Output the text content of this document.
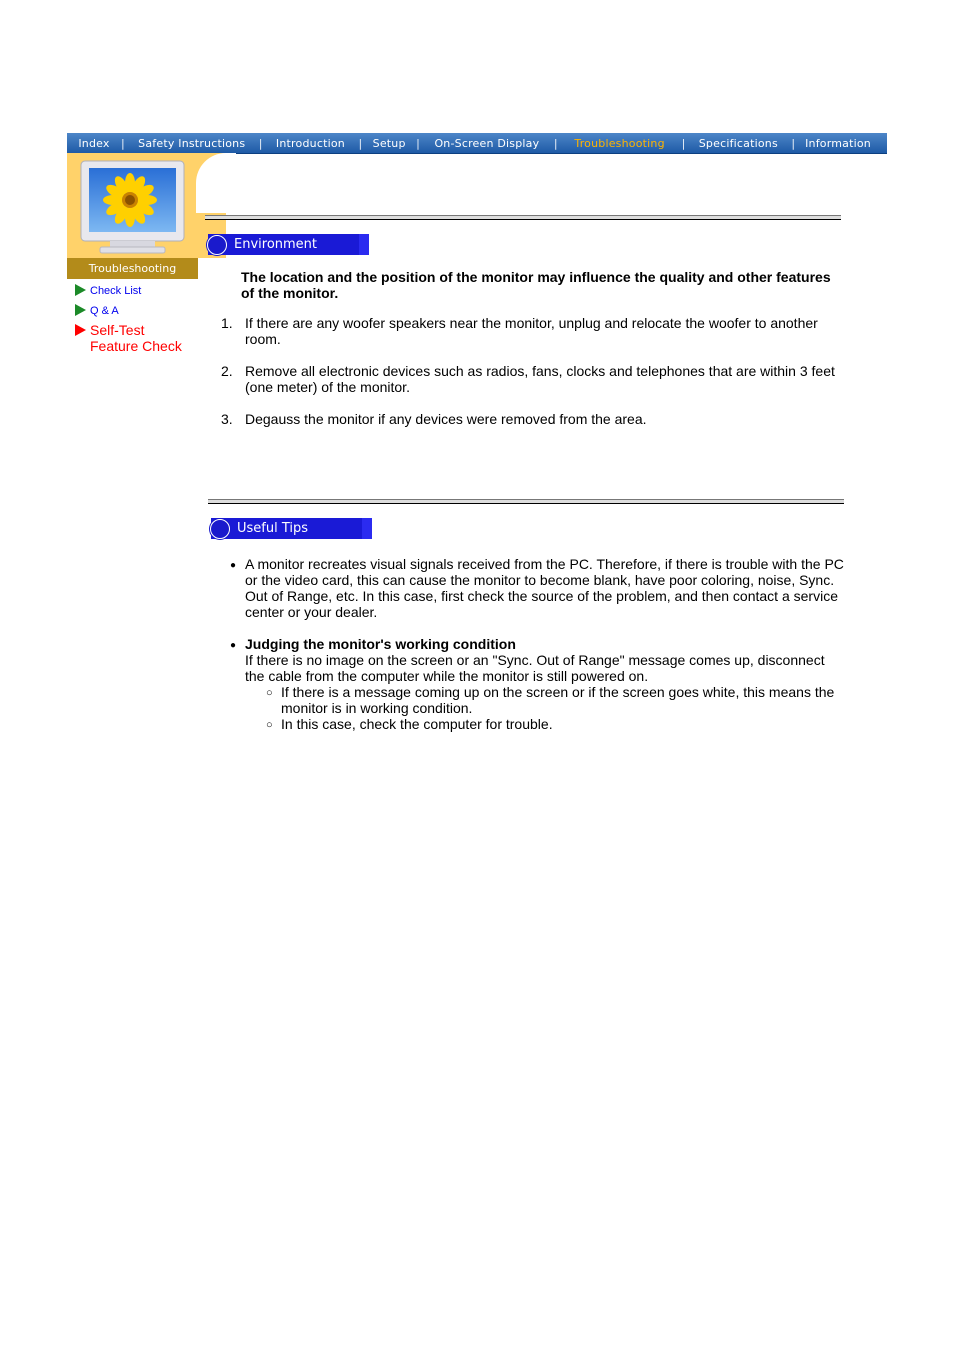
Index	|	Safety Instructions	|	Introduction	| Setup |	On-Screen Display	|	Troubleshooting	|	Specifications	| Information
Troubleshooting
Check List
Q & A
Self-Test Feature Check
Environment
The location and the position of the monitor may influence the quality and other features of the monitor.
1. If there are any woofer speakers near the monitor, unplug and relocate the woofer to another room.
2. Remove all electronic devices such as radios, fans, clocks and telephones that are within 3 feet (one meter) of the monitor.
3. Degauss the monitor if any devices were removed from the area.
Useful Tips
● A monitor recreates visual signals received from the PC. Therefore, if there is trouble with the PC or the video card, this can cause the monitor to become blank, have poor coloring, noise, Sync. Out of Range, etc. In this case, first check the source of the problem, and then contact a service center or your dealer.
● Judging the monitor's working condition
If there is no image on the screen or an "Sync. Out of Range" message comes up, disconnect the cable from the computer while the monitor is still powered on.
○ If there is a message coming up on the screen or if the screen goes white, this means the monitor is in working condition.
○ In this case, check the computer for trouble.
